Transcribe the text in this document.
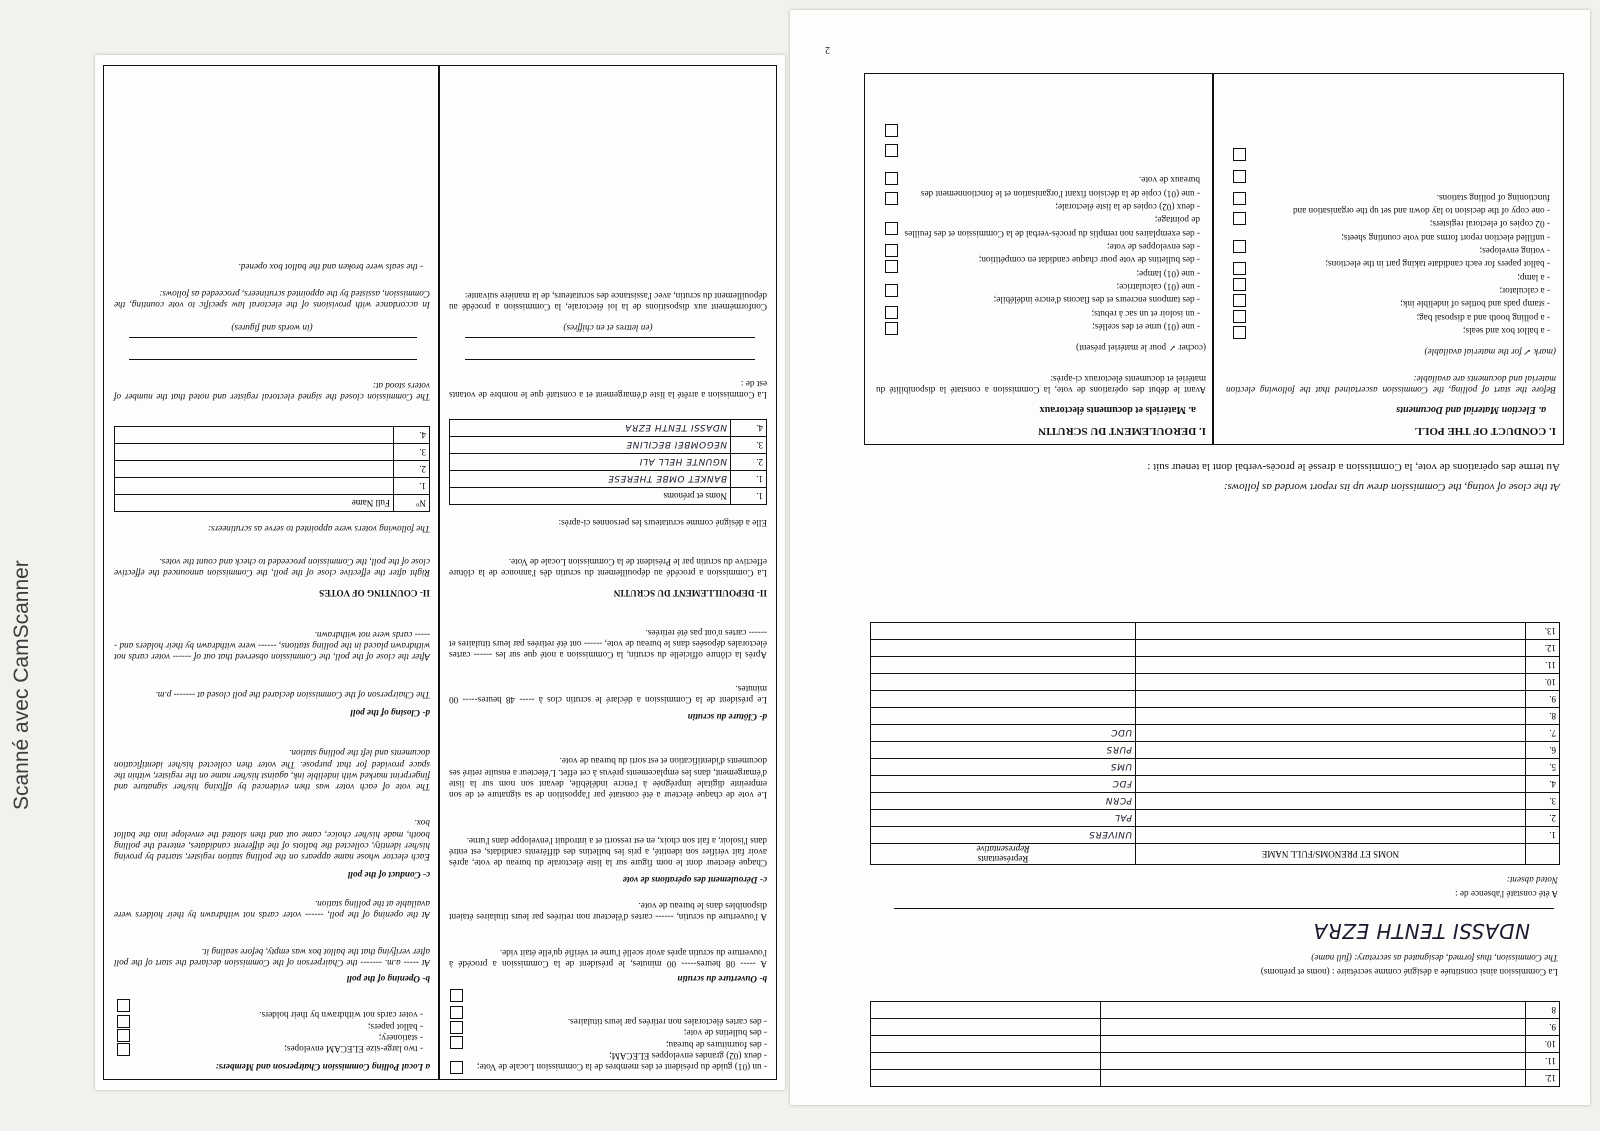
Scanné avec CamScanner
- un (01) guide du président et des membres de la Commission Locale de Vote;
- deux (02) grandes enveloppes ELECAM;
- des fournitures de bureau;
- des bulletins de vote;
- des cartes électorales non retirées par leurs titulaires.
b- Ouverture du scrutin
A ----- 08 heures----- 00 minutes, le président de la Commission a procédé à l'ouverture du scrutin après avoir scellé l'urne et vérifié qu'elle était vide.
A l'ouverture du scrutin, ------ cartes d'électeur non retirées par leurs titulaires étaient disponibles dans le bureau de vote.
c- Déroulement des opérations de vote
Chaque électeur dont le nom figure sur la liste électorale du bureau de vote, après avoir fait vérifier son identité, a pris les bulletins des différents candidats, est entré dans l'isoloir, a fait son choix, en est ressorti et a introduit l'enveloppe dans l'urne.
Le vote de chaque électeur a été constaté par l'apposition de sa signature et de son empreinte digitale imprégnée à l'encre indélébile, devant son nom sur la liste d'émargement, dans les emplacements prévus à cet effet. L'électeur a ensuite retiré ses documents d'identification et est sorti du bureau de vote.
d- Clôture du scrutin
Le président de la Commission a déclaré le scrutin clos à ----- 48 heures----- 00 minutes.
Après la clôture officielle du scrutin, la Commission a noté que sur les ------ cartes électorales déposées dans le bureau de vote, ------ ont été retirées par leurs titulaires et ------ cartes n'ont pas été retirées.
II- DEPOUILLEMENT DU SCRUTIN
La Commission a procédé au dépouillement du scrutin dès l'annonce de la clôture effective du scrutin par le Président de la Commission Locale de Vote.
Elle a désigné comme scrutateurs les personnes ci-après:
1.	Noms et prénoms
1.	BANKET OMBE THERESE
2.	NGUNTE HELL ALI
3.	NEGOMBEI BECILINE
4.	NDASSI TENTH EZRA
La Commission a arrêté la liste d'émargement et a constaté que le nombre de votants est de :
(en lettres et en chiffres)
Conformément aux dispositions de la loi électorale, la Commission a procédé au dépouillement du scrutin, avec l'assistance des scrutateurs, de la manière suivante:
a Local Polling Commission Chairperson and Members:
- two large-size ELECAM envelopes;
- stationery;
- ballot papers;
- voter cards not withdrawn by their holders.
b- Opening of the poll
At ----- a.m. ------- the Chairperson of the Commission declared the start of the poll after verifying that the ballot box was empty, before sealing it.
At the opening of the poll, ------ voter cards not withdrawn by their holders were available at the polling station.
c- Conduct of the poll
Each elector whose name appears on the polling station register, started by proving his/her identity, collected the ballots of the different candidates, entered the polling booth, made his/her choice, came out and then slotted the envelope into the ballot box.
The vote of each voter was then evidenced by affixing his/her signature and fingerprint marked with indelible ink, against his/her name on the register, within the space provided for that purpose. The voter then collected his/her identification documents and left the polling station.
d- Closing of the poll
The Chairperson of the Commission declared the poll closed at ------- p.m.
After the close of the poll, the Commission observed that out of ------ voter cards not withdrawn placed in the polling stations, ------ were withdrawn by their holders and ------ cards were not withdrawn.
II- COUNTING OF VOTES
Right after the effective close of the poll, the Commission announced the effective close of the poll, the Commission proceeded to check and count the votes.
The following voters were appointed to serve as scrutineers:
N°	Full Name
1.	
2.	
3.	
4.	
The Commission closed the signed electoral register and noted that the number of voters stood at:
(in words and figures)
In accordance with provisions of the electoral law specific to vote counting, the Commission, assisted by the appointed scrutineers, proceeded as follows:
- the seals were broken and the ballot box opened.
2
12.		
11.		
10.		
9.		
8		
La Commission ainsi constituée a désigné comme secrétaire : (noms et prénoms)
The Commission, thus formed, designated as secretary: (full name)
NDASSI TENTH EZRA
A été constaté l'absence de :
Noted absent:
	NOMS ET PRENOMS/FULL NAME	Représentants
Representative
1.		UNIVERS
2.		PAL
3.		PCRN
4.		FDC
5.		UMS
6.		PURS
7.		UDC
8.		
9.		
10.		
11.		
12.		
13.		
At the close of voting, the Commission drew up its report worded as follows:
Au terme des opérations de vote, la Commission a dressé le procès-verbal dont la teneur suit :
I. CONDUCT OF THE POLL
a. Election Material and Documents
Before the start of polling, the Commission ascertained that the following election material and documents are available:
(mark ✓ for the material available)
- a ballot box and seals;
- a polling booth and a disposal bag;
- stamp pads and bottles of indelible ink;
- a calculator;
- a lamp;
- ballot papers for each candidate taking part in the elections;
- voting envelopes;
- unfilled election report forms and vote counting sheets;
- 02 copies of electoral registers;
- one copy of the decision to lay down and set up the organisation and functioning of polling stations.
I. DEROULEMENT DU SCRUTIN
a. Matériels et documents électoraux
Avant le début des opérations de vote, la Commission a constaté la disponibilité du matériel et documents électoraux ci-après:
(cocher ✓ pour le matériel présent)
- une (01) urne et des scellés;
- un isoloir et un sac à rebuts;
- des tampons encreurs et des flacons d'encre indélébile;
- une (01) calculatrice;
- une (01) lampe;
- des bulletins de vote pour chaque candidat en compétition;
- des enveloppes de vote;
- des exemplaires non remplis du procès-verbal de la Commission et des feuilles de pointage;
- deux (02) copies de la liste électorale;
- une (01) copie de la décision fixant l'organisation et le fonctionnement des bureaux de vote.
